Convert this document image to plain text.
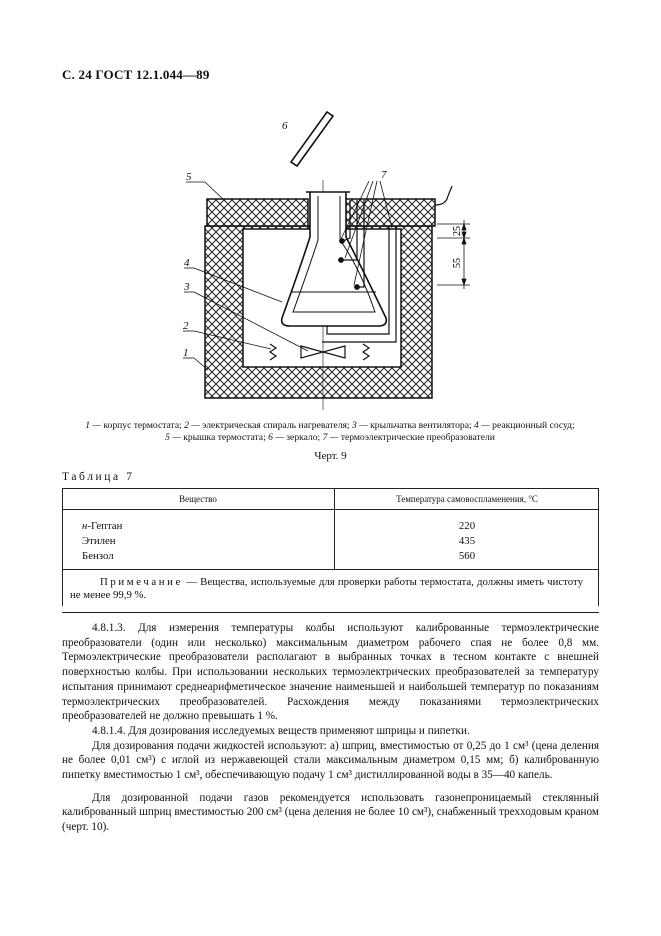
С. 24 ГОСТ 12.1.044—89
25
55
6
5	7
4
3
2
1
1 — корпус термостата; 2 — электрическая спираль нагревателя; 3 — крыльчатка вентилятора; 4 — реакционный сосуд;
5 — крышка термостата; 6 — зеркало; 7 — термоэлектрические преобразователи
Черт. 9
Таблица 7
Вещество	Температура самовоспламенения, °С
н-Гептан	220
Этилен	435
Бензол	560
Примечание — Вещества, используемые для проверки работы термостата, должны иметь чистоту не менее 99,9 %.	

4.8.1.3. Для измерения температуры колбы используют калиброванные термоэлектрические преобразователи (один или несколько) максимальным диаметром рабочего спая не более 0,8 мм. Термоэлектрические преобразователи располагают в выбранных точках в тесном контакте с внешней поверхностью колбы. При использовании нескольких термоэлектрических преобразователей за температуру испытания принимают среднеарифметическое значение наименьшей и наибольшей температур по показаниям термоэлектрических преобразователей. Расхождения между показаниями термоэлектрических преобразователей не должно превышать 1 %.

4.8.1.4. Для дозирования исследуемых веществ применяют шприцы и пипетки.

Для дозирования подачи жидкостей используют: а) шприц, вместимостью от 0,25 до 1 см³ (цена деления не более 0,01 см³) с иглой из нержавеющей стали максимальным диаметром 0,15 мм; б) калиброванную пипетку вместимостью 1 см³, обеспечивающую подачу 1 см³ дистиллированной воды в 35—40 капель.

Для дозированной подачи газов рекомендуется использовать газонепроницаемый стеклянный калиброванный шприц вместимостью 200 см³ (цена деления не более 10 см³), снабженный трехходовым краном (черт. 10).
